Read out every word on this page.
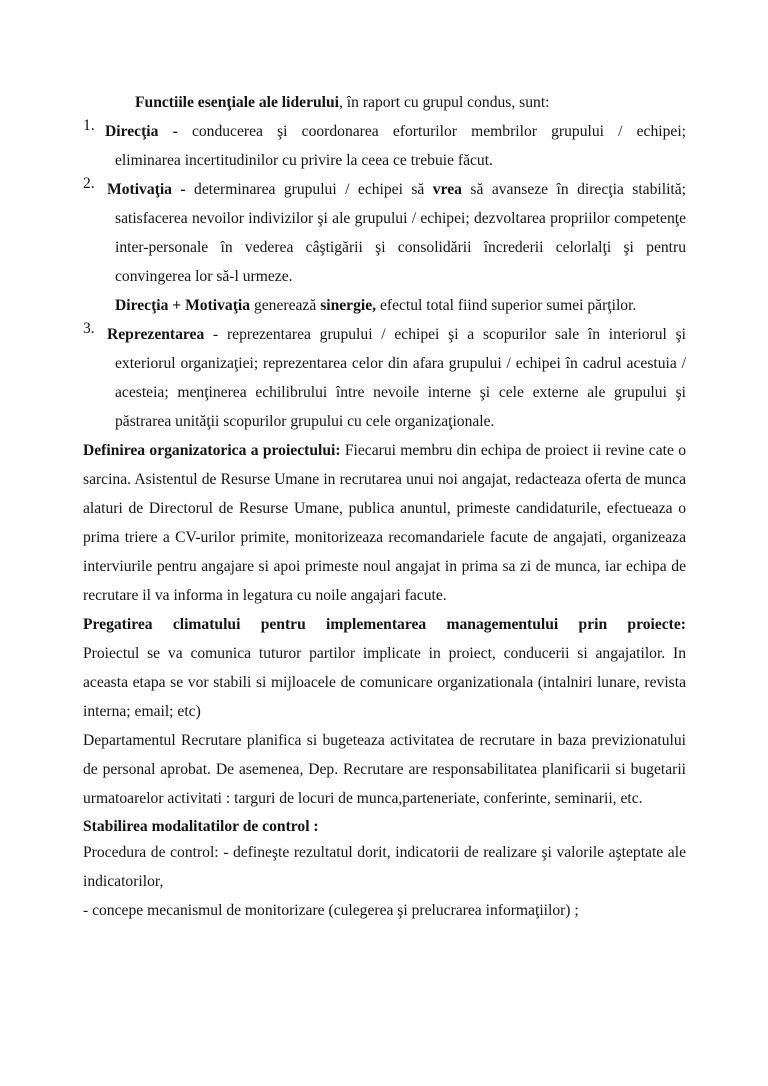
Functiile esenţiale ale liderului, în raport cu grupul condus, sunt:

1. Direcţia - conducerea şi coordonarea eforturilor membrilor grupului / echipei;

eliminarea incertitudinilor cu privire la ceea ce trebuie făcut.

2. Motivaţia - determinarea grupului / echipei să vrea să avanseze în direcţia stabilită;

satisfacerea nevoilor indivizilor şi ale grupului / echipei; dezvoltarea propriilor competenţe inter-personale în vederea câştigării şi consolidării încrederii celorlalţi şi pentru convingerea lor să-l urmeze.

Direcţia + Motivaţia generează sinergie, efectul total fiind superior sumei părţilor.

3. Reprezentarea - reprezentarea grupului / echipei şi a scopurilor sale în interiorul şi

exteriorul organizaţiei; reprezentarea celor din afara grupului / echipei în cadrul acestuia / acesteia; menţinerea echilibrului între nevoile interne şi cele externe ale grupului şi păstrarea unităţii scopurilor grupului cu cele organizaţionale.

Definirea organizatorica a proiectului: Fiecarui membru din echipa de proiect ii revine cate o sarcina. Asistentul de Resurse Umane in recrutarea unui noi angajat, redacteaza oferta de munca alaturi de Directorul de Resurse Umane, publica anuntul, primeste candidaturile, efectueaza o prima triere a CV-urilor primite, monitorizeaza recomandariele facute de angajati, organizeaza interviurile pentru angajare si apoi primeste noul angajat in prima sa zi de munca, iar echipa de recrutare il va informa in legatura cu noile angajari facute.

Pregatirea climatului pentru implementarea managementului prin proiecte:

Proiectul se va comunica tuturor partilor implicate in proiect, conducerii si angajatilor. In aceasta etapa se vor stabili si mijloacele de comunicare organizationala (intalniri lunare, revista interna; email; etc)

Departamentul Recrutare planifica si bugeteaza activitatea de recrutare in baza previzionatului de personal aprobat. De asemenea, Dep. Recrutare are responsabilitatea planificarii si bugetarii urmatoarelor activitati : targuri de locuri de munca,parteneriate, conferinte, seminarii, etc.

Stabilirea modalitatilor de control :

Procedura de control: - defineşte rezultatul dorit, indicatorii de realizare şi valorile aşteptate ale indicatorilor,

- concepe mecanismul de monitorizare (culegerea şi prelucrarea informaţiilor) ;
